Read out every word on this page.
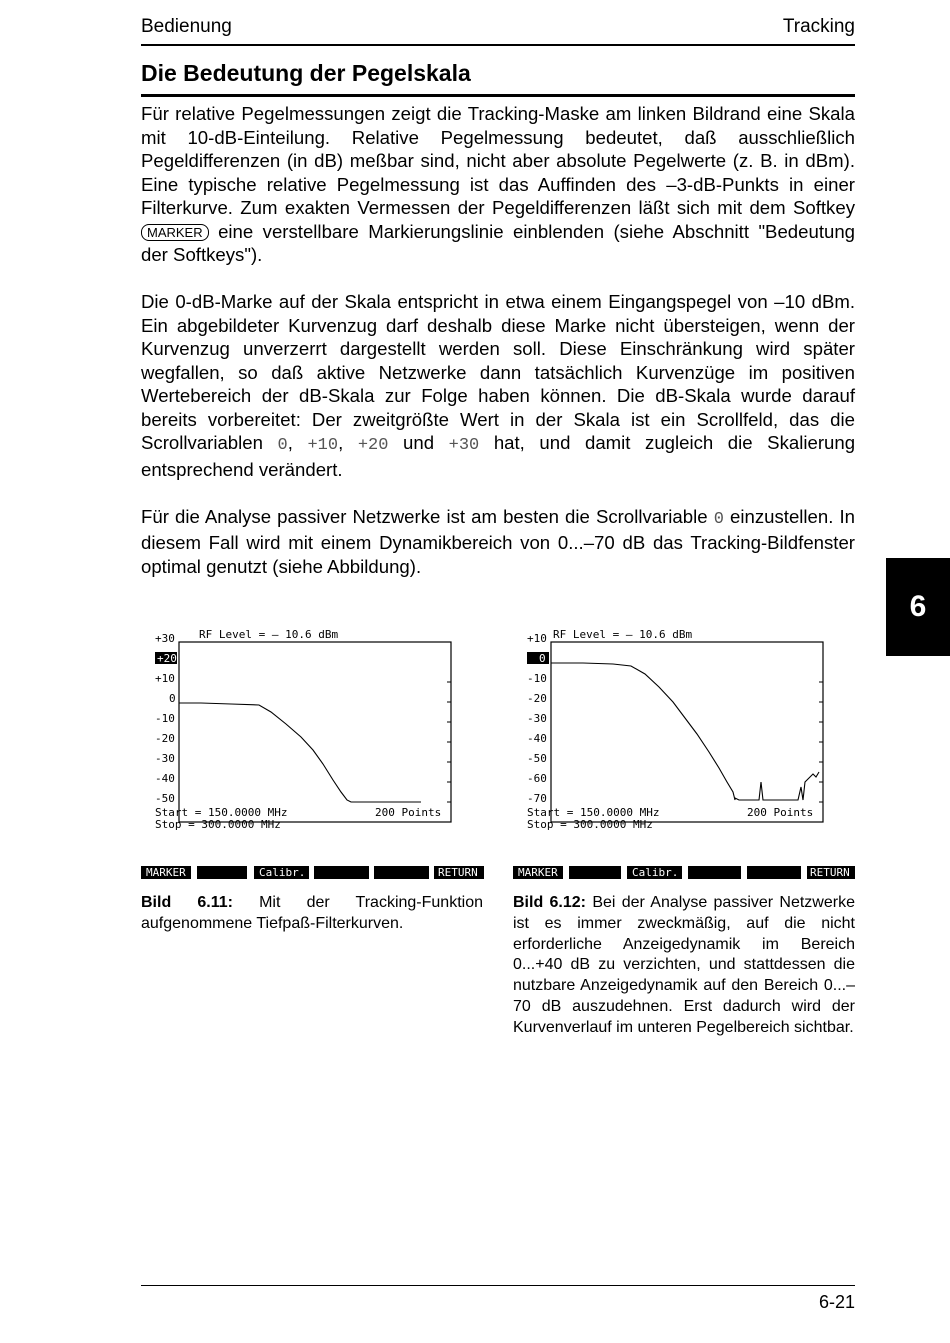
Bedienung	Tracking
Die Bedeutung der Pegelskala

Für relative Pegelmessungen zeigt die Tracking-Maske am linken Bildrand eine Skala mit 10-dB-Einteilung. Relative Pegelmessung bedeutet, daß ausschließlich Pegeldifferenzen (in dB) meßbar sind, nicht aber absolute Pegelwerte (z. B. in dBm). Eine typische relative Pegelmessung ist das Auffinden des –3-dB-Punkts in einer Filterkurve. Zum exakten Vermessen der Pegeldifferenzen läßt sich mit dem Softkey MARKER eine verstellbare Markierungslinie einblenden (siehe Abschnitt "Bedeutung der Softkeys").

Die 0-dB-Marke auf der Skala entspricht in etwa einem Eingangspegel von –10 dBm. Ein abgebildeter Kurvenzug darf deshalb diese Marke nicht übersteigen, wenn der Kurvenzug unverzerrt dargestellt werden soll. Diese Einschränkung wird später wegfallen, so daß aktive Netzwerke dann tatsächlich Kurvenzüge im positiven Wertebereich der dB-Skala zur Folge haben können. Die dB-Skala wurde darauf bereits vorbereitet: Der zweitgrößte Wert in der Skala ist ein Scrollfeld, das die Scrollvariablen 0, +10, +20 und +30 hat, und damit zugleich die Skalierung entsprechend verändert.

Für die Analyse passiver Netzwerke ist am besten die Scrollvariable 0 einzustellen. In diesem Fall wird mit einem Dynamikbereich von 0...–70 dB das Tracking-Bildfenster optimal genutzt (siehe Abbildung).

6
+30 RF Level = – 10.6 dBm
+20
+10
0
-10
-20
-30
-40
-50
Start = 150.0000 MHz
Stop = 300.0000 MHz
200 Points
MARKER	Calibr.	RETURN
Bild 6.11: Mit der Tracking-Funktion aufgenommene Tiefpaß-Filterkurven.
+10 RF Level = – 10.6 dBm
0
-10
-20
-30
-40
-50
-60
-70
Start = 150.0000 MHz
Stop = 300.0000 MHz
200 Points
MARKER	Calibr.	RETURN
Bild 6.12: Bei der Analyse passiver Netzwerke ist es immer zweckmäßig, auf die nicht erforderliche Anzeigedynamik im Bereich 0...+40 dB zu verzichten, und stattdessen die nutzbare Anzeigedynamik auf den Bereich 0...–70 dB auszudehnen. Erst dadurch wird der Kurvenverlauf im unteren Pegelbereich sichtbar.
6-21
